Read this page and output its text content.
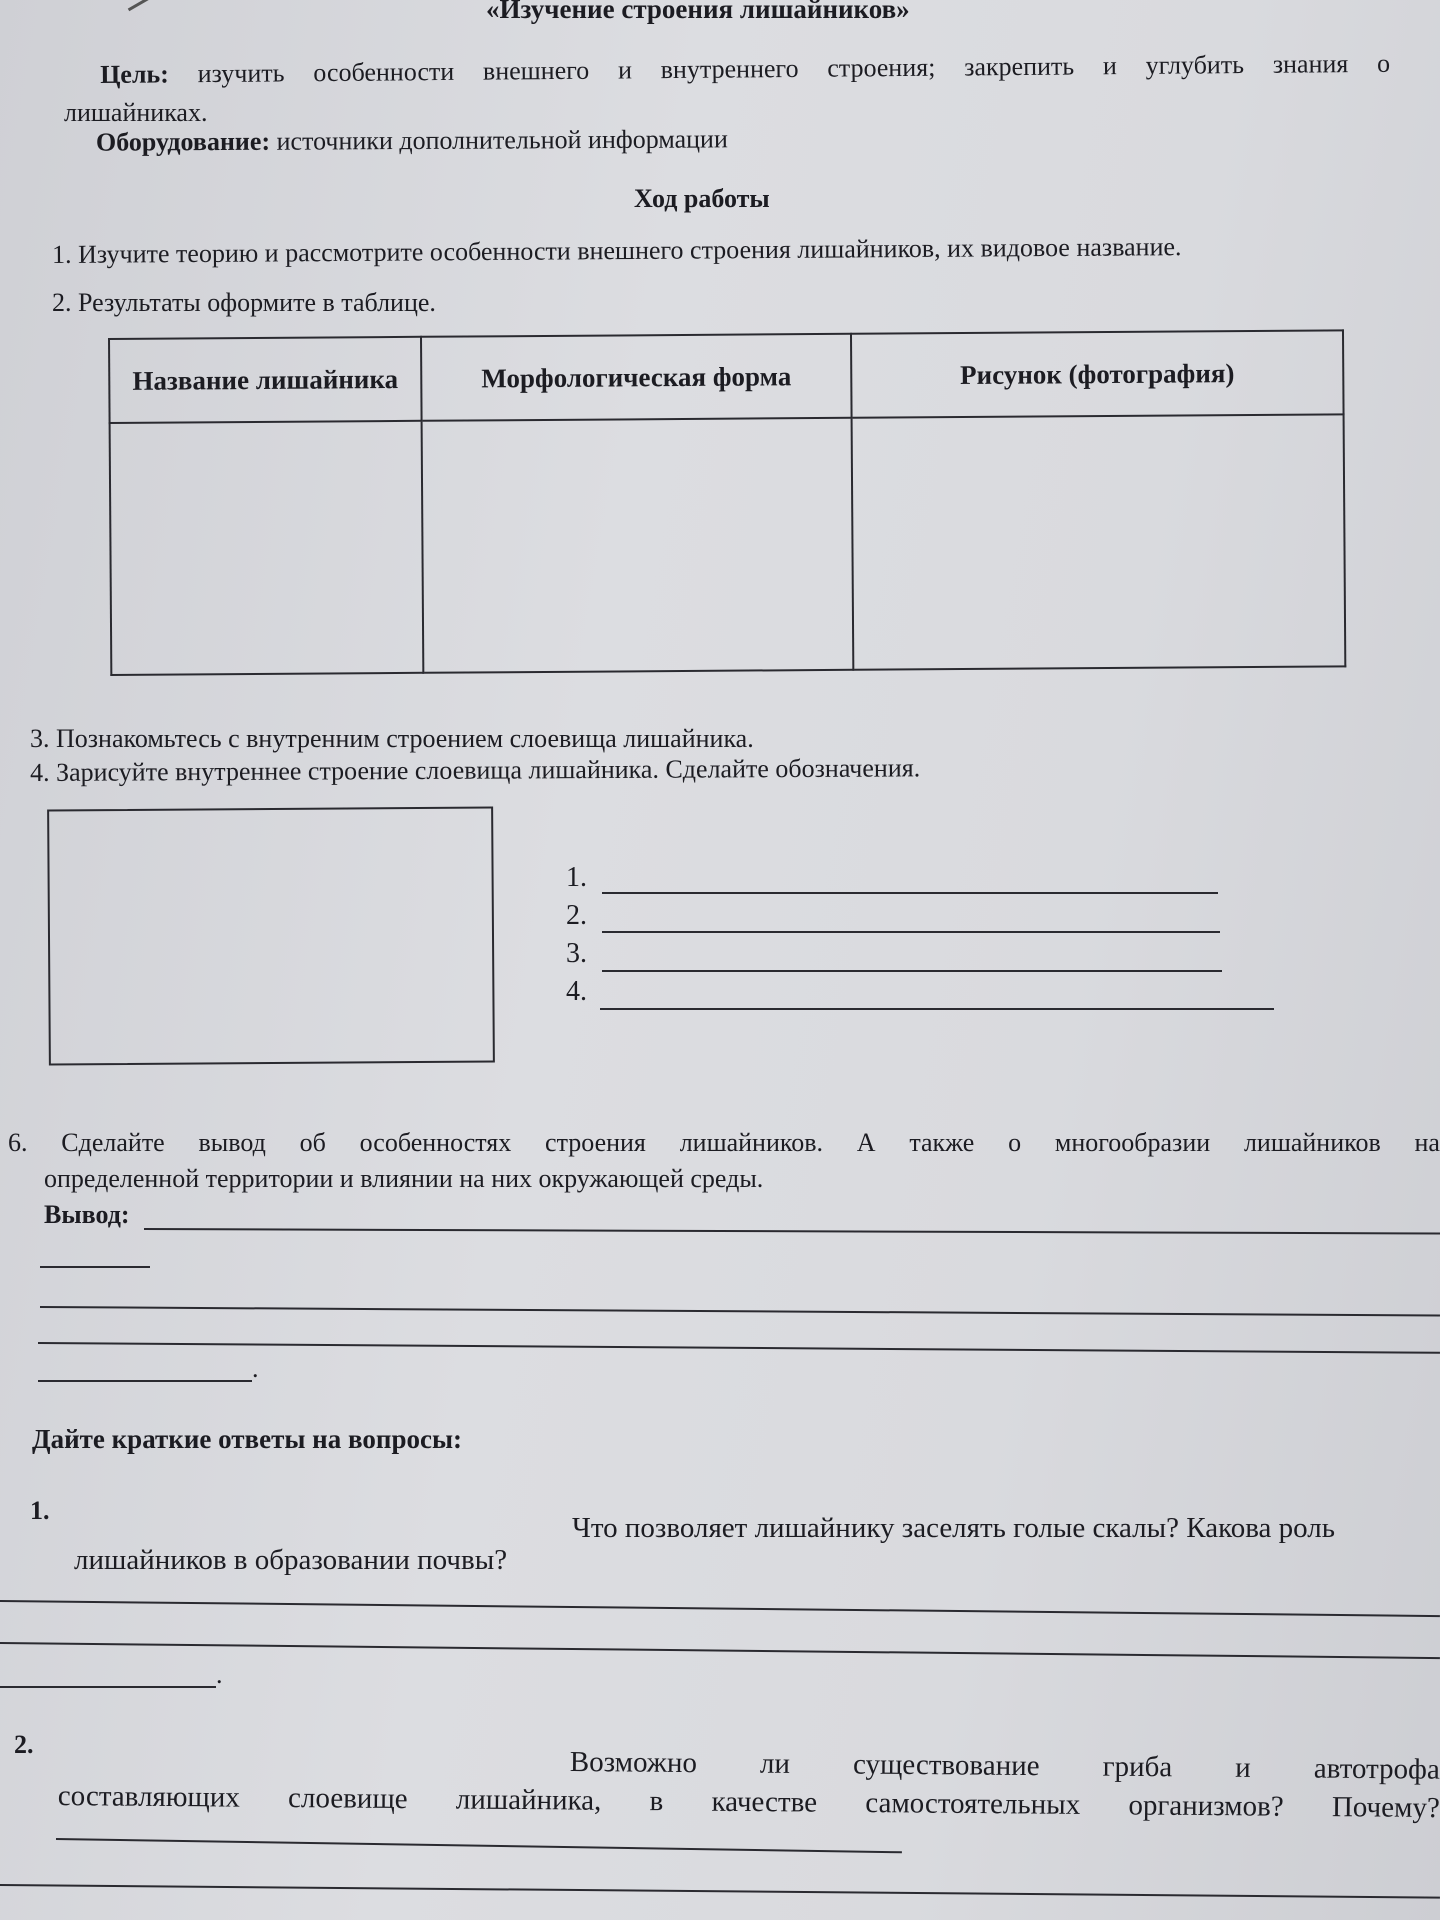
«Изучение строения лишайников»
Цель: изучить особенности внешнего и внутреннего строения; закрепить и углубить знания о
лишайниках.
Оборудование: источники дополнительной информации
Ход работы
1. Изучите теорию и рассмотрите особенности внешнего строения лишайников, их видовое название.
2. Результаты оформите в таблице.
Название лишайника	Морфологическая форма	Рисунок (фотография)

3. Познакомьтесь с внутренним строением слоевища лишайника.
4. Зарисуйте внутреннее строение слоевища лишайника. Сделайте обозначения.
1.
2.
3.
4.
6. Сделайте вывод об особенностях строения лишайников. А также о многообразии лишайников на
определенной территории и влиянии на них окружающей среды.
Вывод:
.
Дайте краткие ответы на вопросы:
1.
Что позволяет лишайнику заселять голые скалы? Какова роль
лишайников в образовании почвы?
.
2.
Возможно ли существование гриба и автотрофа
составляющих слоевище лишайника, в качестве самостоятельных организмов? Почему?
